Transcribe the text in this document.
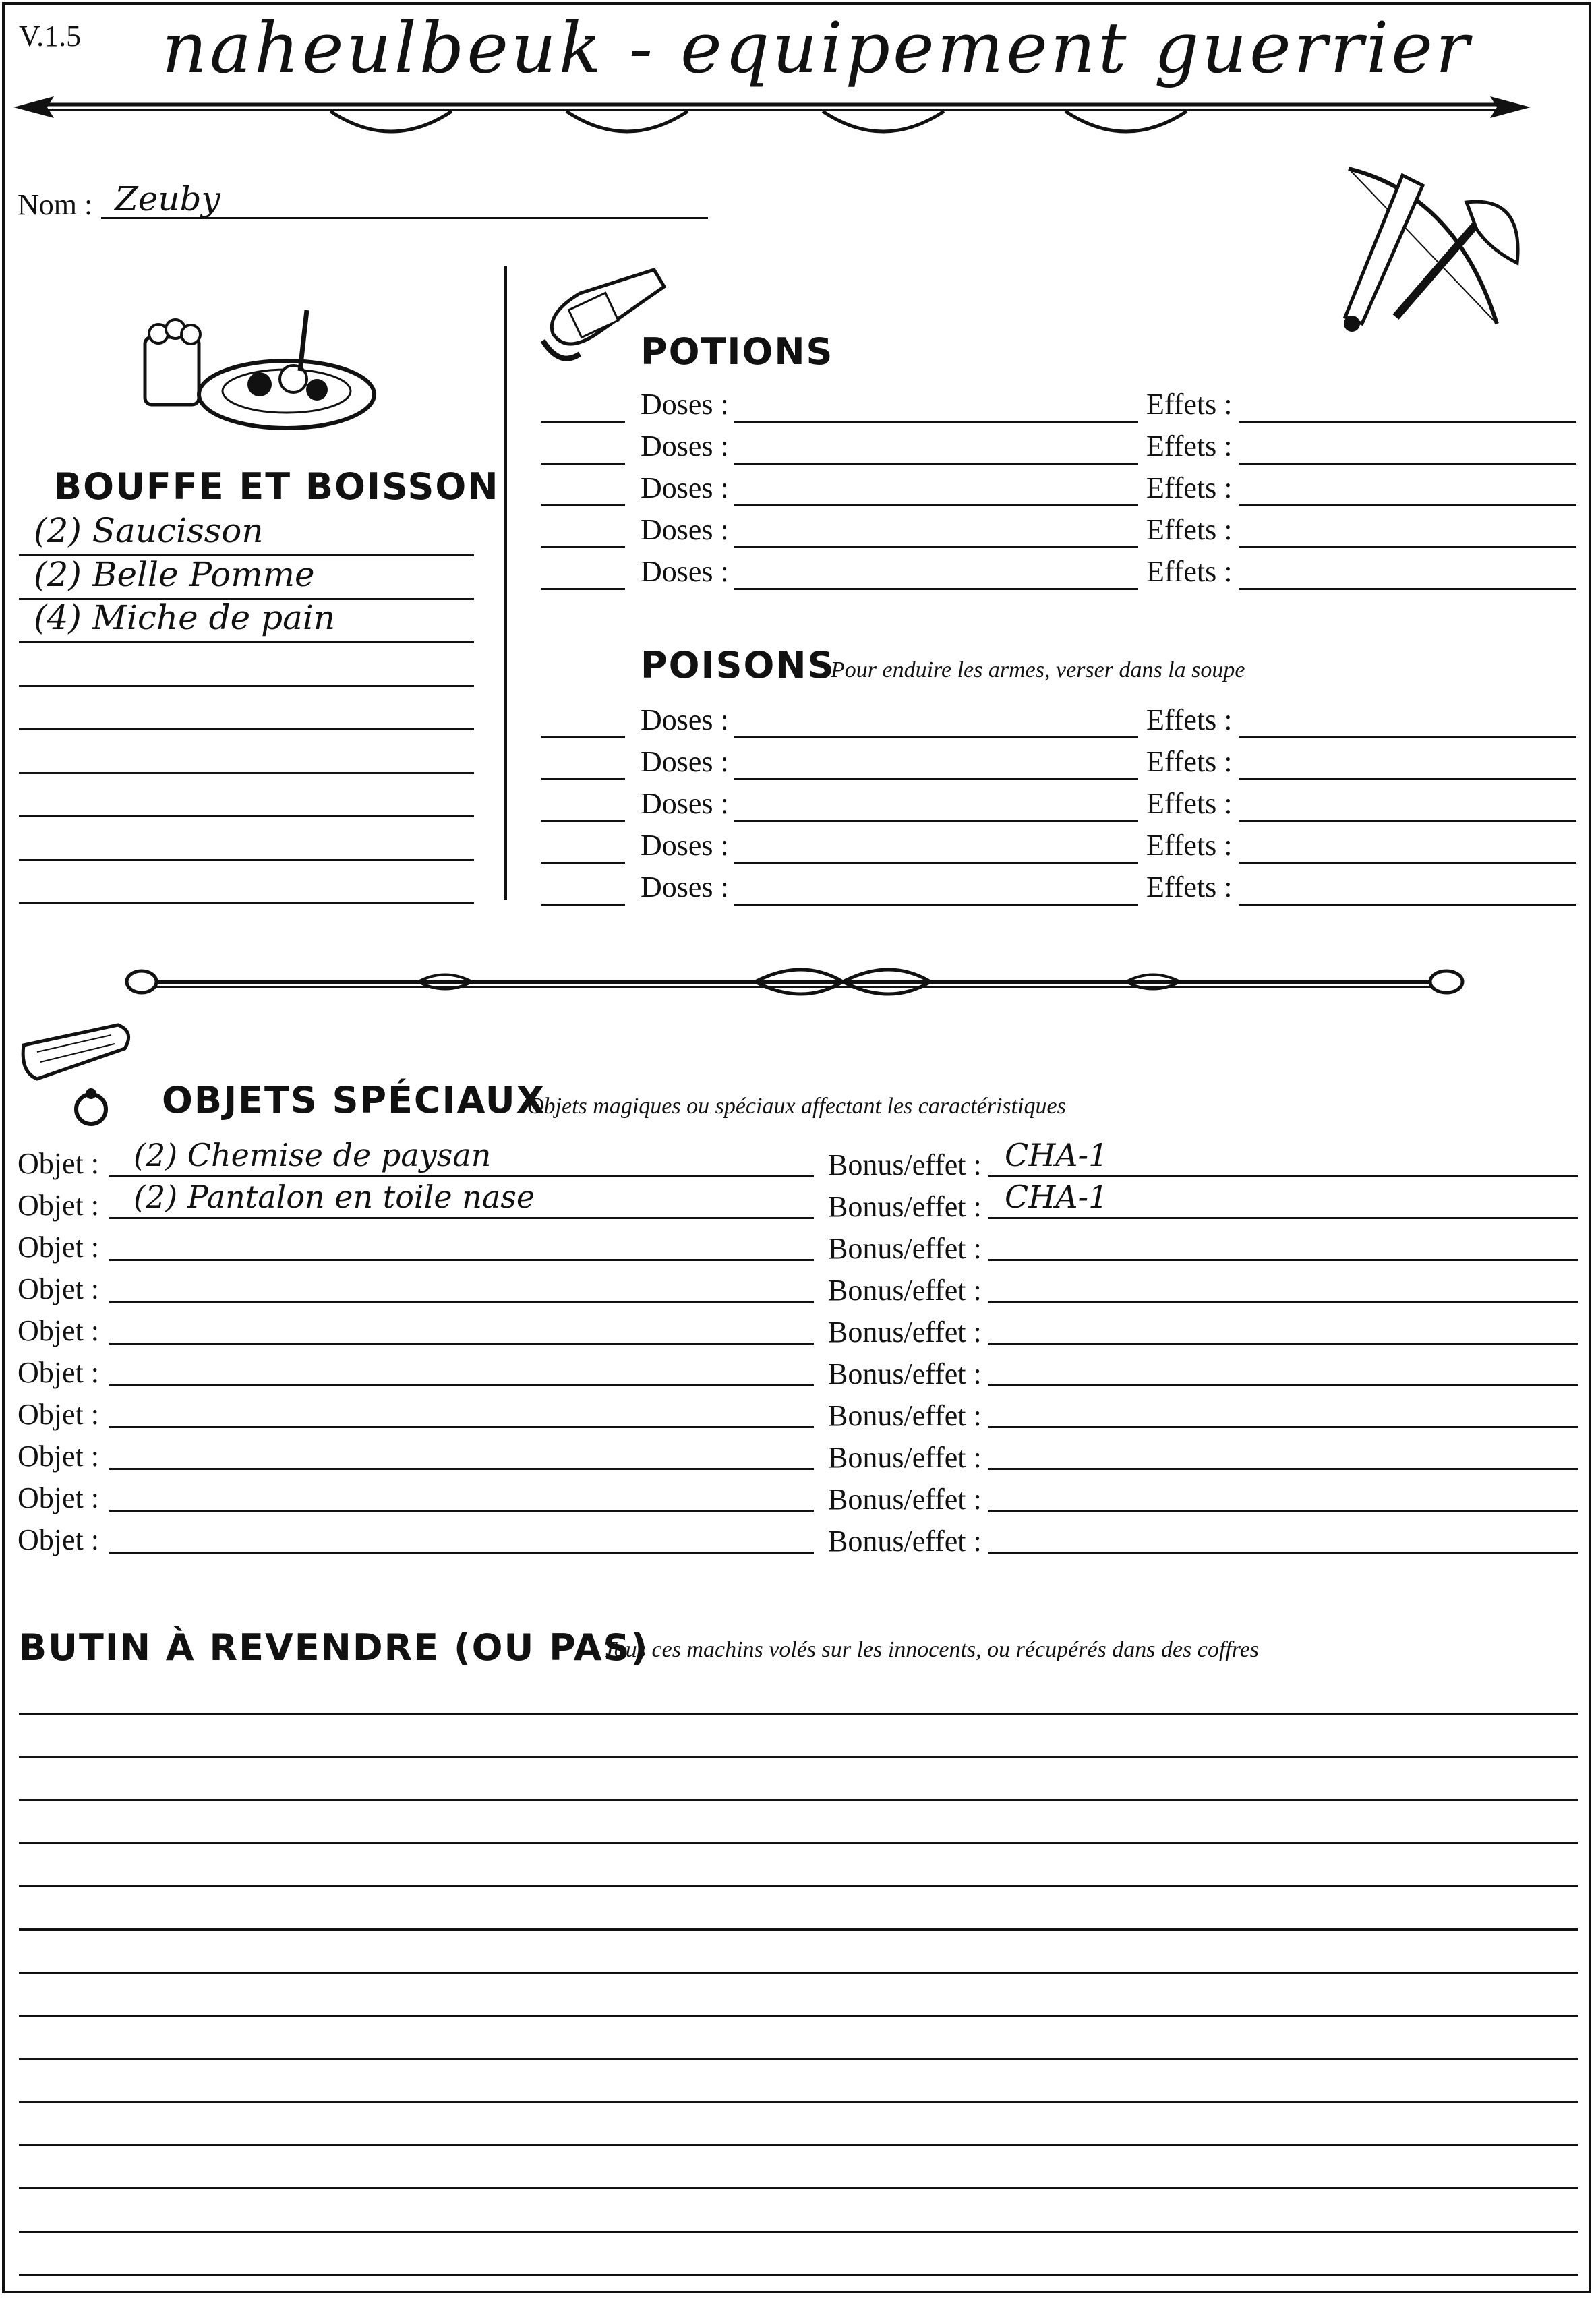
V.1.5 naheulbeuk - equipement guerrier
Nom : Zeuby
BOUFFE ET BOISSON
(2) Saucisson
(2) Belle Pomme
(4) Miche de pain
POTIONS
Doses :	Effets :
Doses :	Effets :
Doses :	Effets :
Doses :	Effets :
Doses :	Effets :
POISONS
Pour enduire les armes, verser dans la soupe
Doses :	Effets :
Doses :	Effets :
Doses :	Effets :
Doses :	Effets :
Doses :	Effets :
OBJETS SPÉCIAUX
Objets magiques ou spéciaux affectant les caractéristiques
Objet : (2) Chemise de paysan	Bonus/effet : CHA-1
Objet : (2) Pantalon en toile nase	Bonus/effet : CHA-1
Objet :	Bonus/effet :
Objet :	Bonus/effet :
Objet :	Bonus/effet :
Objet :	Bonus/effet :
Objet :	Bonus/effet :
Objet :	Bonus/effet :
Objet :	Bonus/effet :
Objet :	Bonus/effet :
BUTIN À REVENDRE (OU PAS)
Tous ces machins volés sur les innocents, ou récupérés dans des coffres
